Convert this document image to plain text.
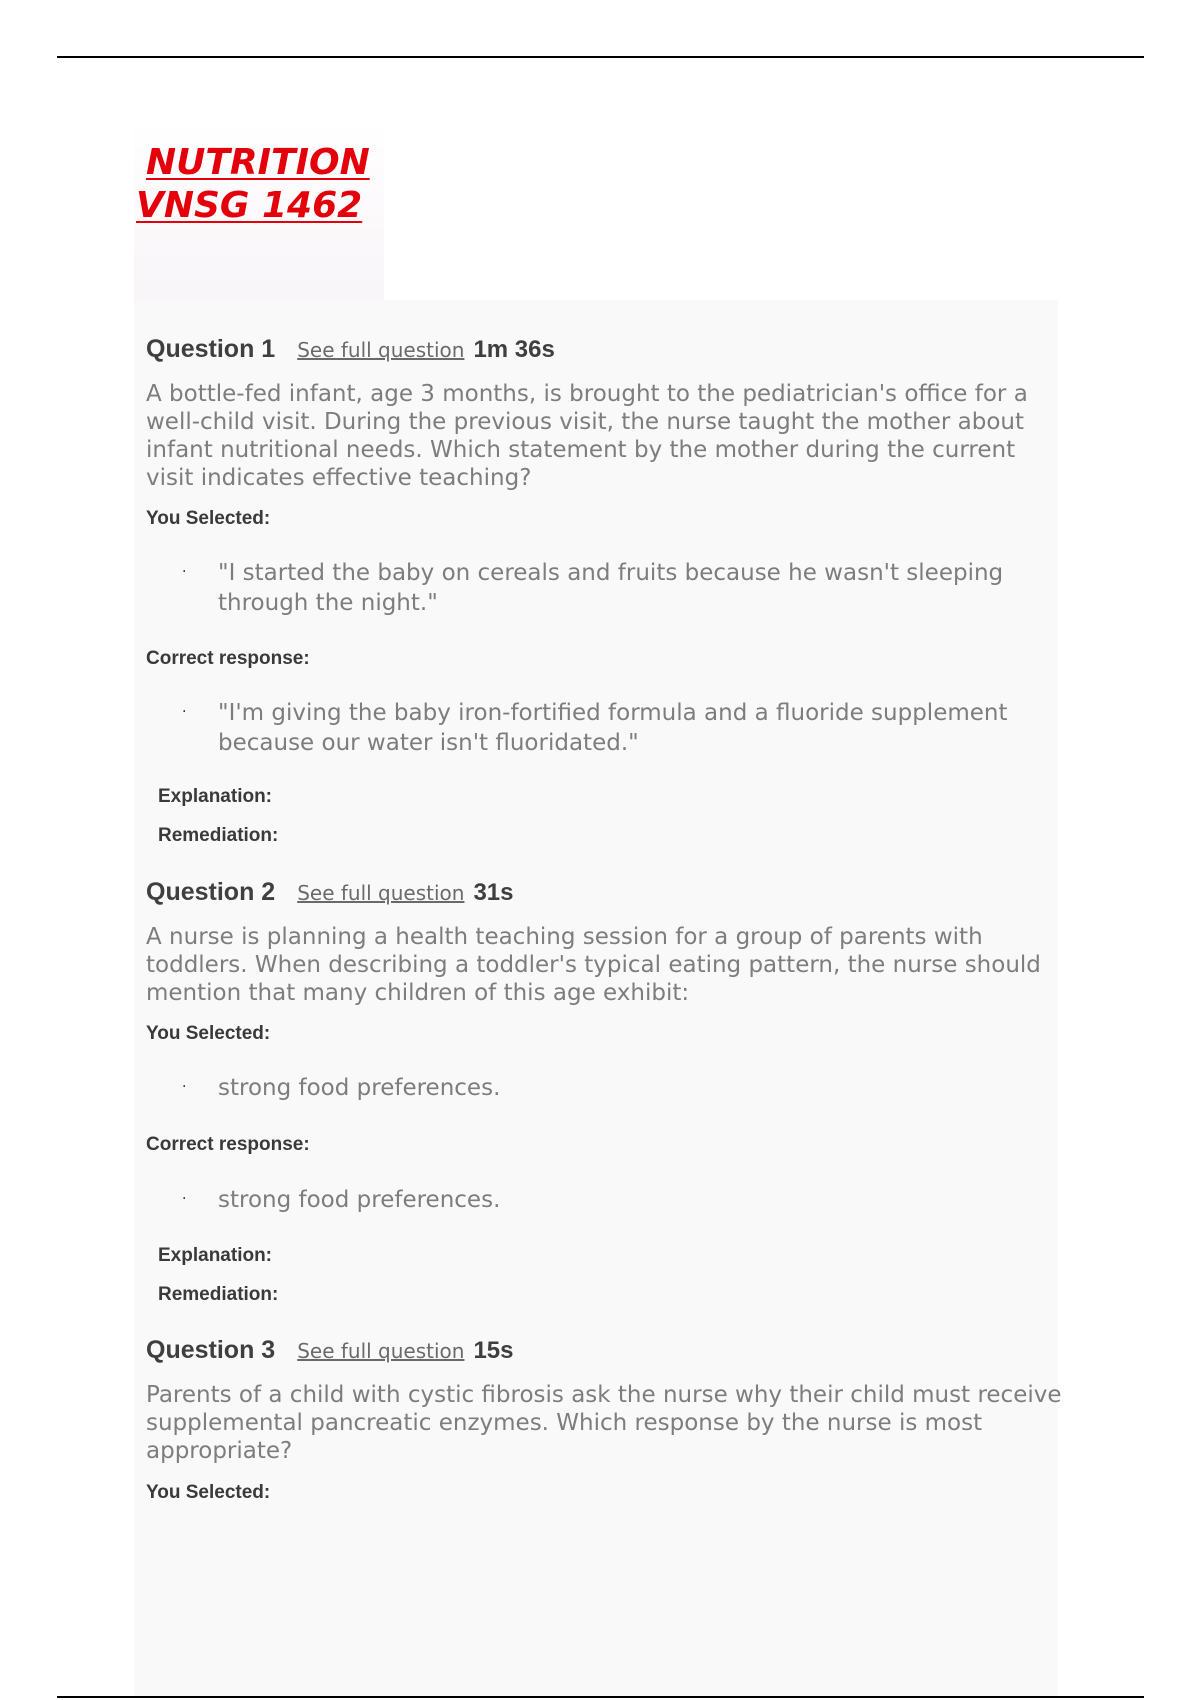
NUTRITION
VNSG 1462
Question 1 See full question 1m 36s

A bottle-fed infant, age 3 months, is brought to the pediatrician's office for a well-child visit. During the previous visit, the nurse taught the mother about infant nutritional needs. Which statement by the mother during the current visit indicates effective teaching?

You Selected:
· "I started the baby on cereals and fruits because he wasn't sleeping through the night."

Correct response:
· "I'm giving the baby iron-fortified formula and a fluoride supplement because our water isn't fluoridated."

Explanation:
Remediation:
Question 2 See full question 31s

A nurse is planning a health teaching session for a group of parents with toddlers. When describing a toddler's typical eating pattern, the nurse should mention that many children of this age exhibit:

You Selected:
· strong food preferences.

Correct response:
· strong food preferences.

Explanation:
Remediation:
Question 3 See full question 15s

Parents of a child with cystic fibrosis ask the nurse why their child must receive supplemental pancreatic enzymes. Which response by the nurse is most appropriate?

You Selected:
